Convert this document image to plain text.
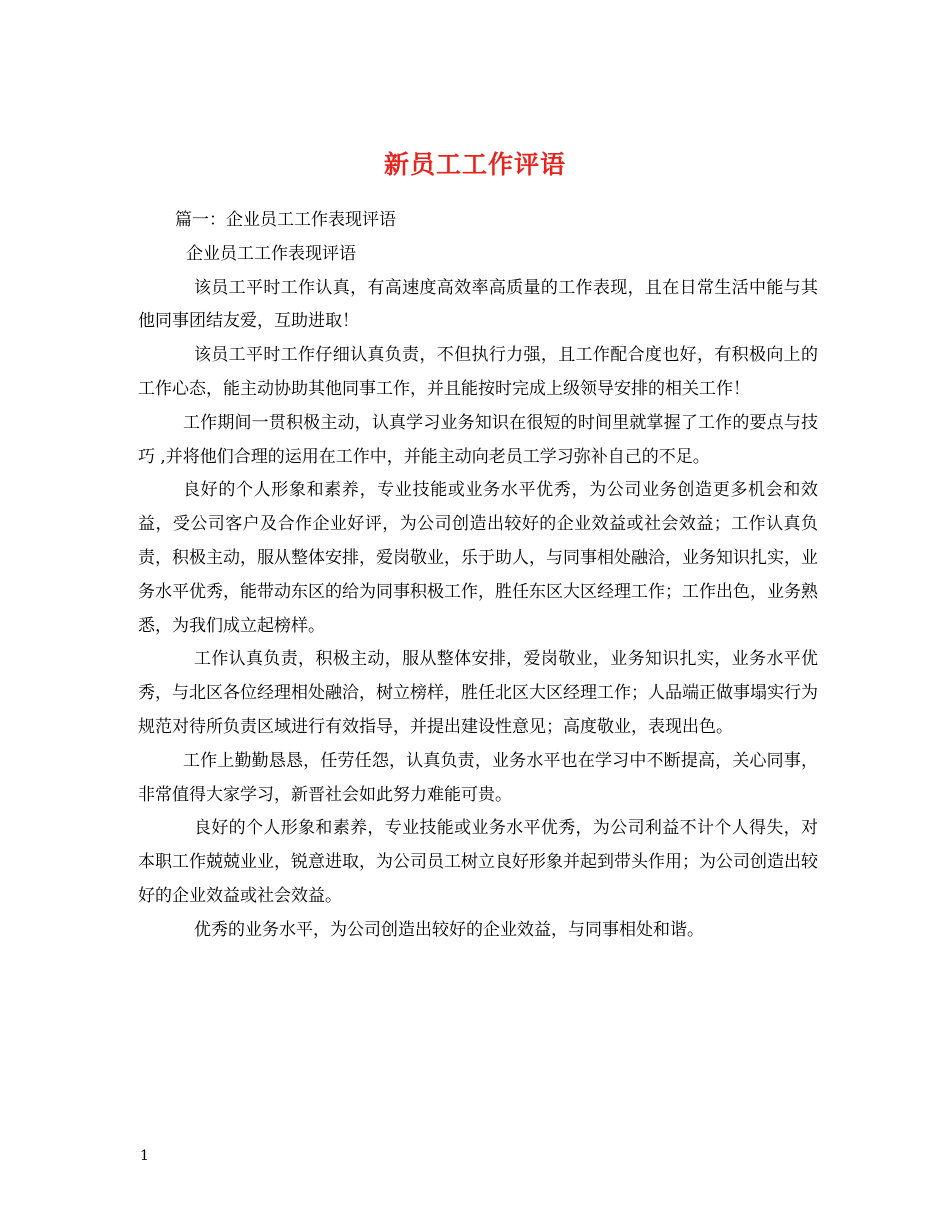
新员工工作评语

篇一：企业员工工作表现评语

企业员工工作表现评语

该员工平时工作认真，有高速度高效率高质量的工作表现，且在日常生活中能与其他同事团结友爱，互助进取！

该员工平时工作仔细认真负责，不但执行力强，且工作配合度也好，有积极向上的工作心态，能主动协助其他同事工作，并且能按时完成上级领导安排的相关工作！

工作期间一贯积极主动，认真学习业务知识在很短的时间里就掌握了工作的要点与技巧 ,并将他们合理的运用在工作中，并能主动向老员工学习弥补自己的不足。

良好的个人形象和素养，专业技能或业务水平优秀，为公司业务创造更多机会和效益，受公司客户及合作企业好评，为公司创造出较好的企业效益或社会效益；工作认真负责，积极主动，服从整体安排，爱岗敬业，乐于助人，与同事相处融洽，业务知识扎实，业务水平优秀，能带动东区的给为同事积极工作，胜任东区大区经理工作；工作出色，业务熟悉，为我们成立起榜样。

工作认真负责，积极主动，服从整体安排，爱岗敬业，业务知识扎实，业务水平优秀，与北区各位经理相处融洽，树立榜样，胜任北区大区经理工作；人品端正做事塌实行为规范对待所负责区域进行有效指导，并提出建设性意见；高度敬业，表现出色。

工作上勤勤恳恳，任劳任怨，认真负责，业务水平也在学习中不断提高，关心同事，非常值得大家学习，新晋社会如此努力难能可贵。

良好的个人形象和素养，专业技能或业务水平优秀，为公司利益不计个人得失，对本职工作兢兢业业，锐意进取，为公司员工树立良好形象并起到带头作用；为公司创造出较好的企业效益或社会效益。

优秀的业务水平，为公司创造出较好的企业效益，与同事相处和谐。

1
